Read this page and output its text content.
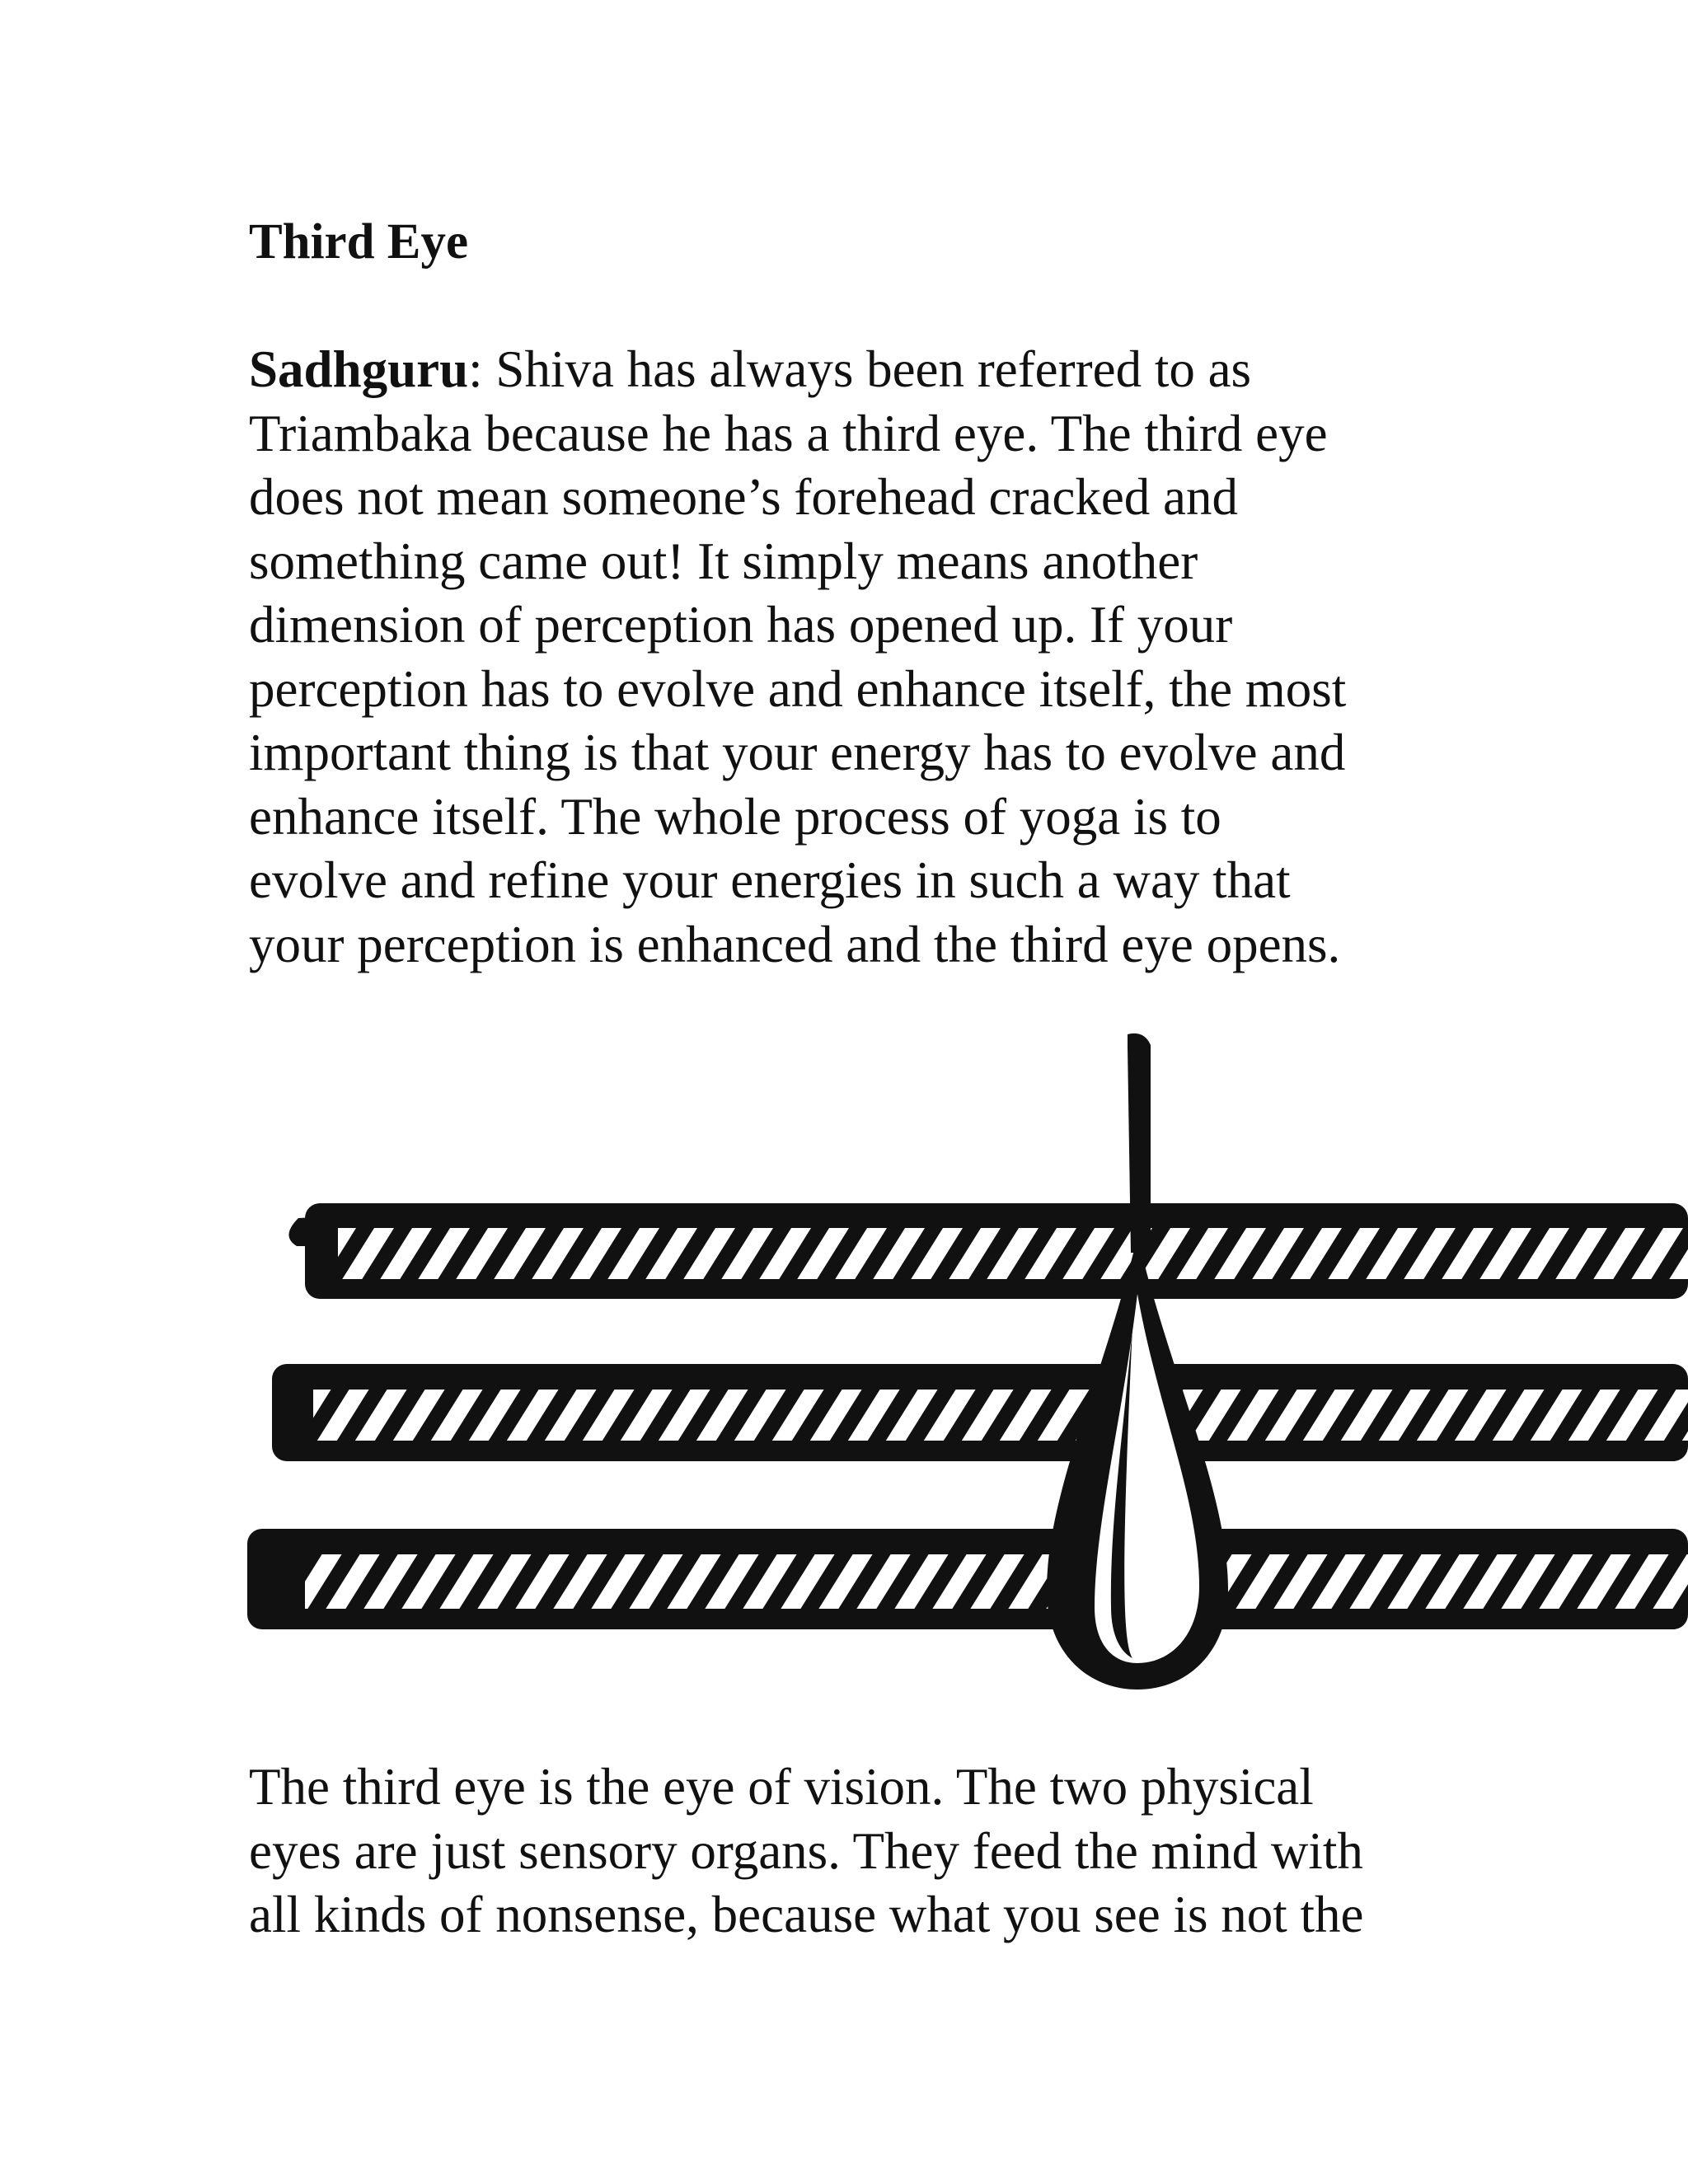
Third Eye
Sadhguru: Shiva has always been referred to as
Triambaka because he has a third eye. The third eye
does not mean someone’s forehead cracked and
something came out! It simply means another
dimension of perception has opened up. If your
perception has to evolve and enhance itself, the most
important thing is that your energy has to evolve and
enhance itself. The whole process of yoga is to
evolve and refine your energies in such a way that
your perception is enhanced and the third eye opens.
The third eye is the eye of vision. The two physical
eyes are just sensory organs. They feed the mind with
all kinds of nonsense, because what you see is not the
